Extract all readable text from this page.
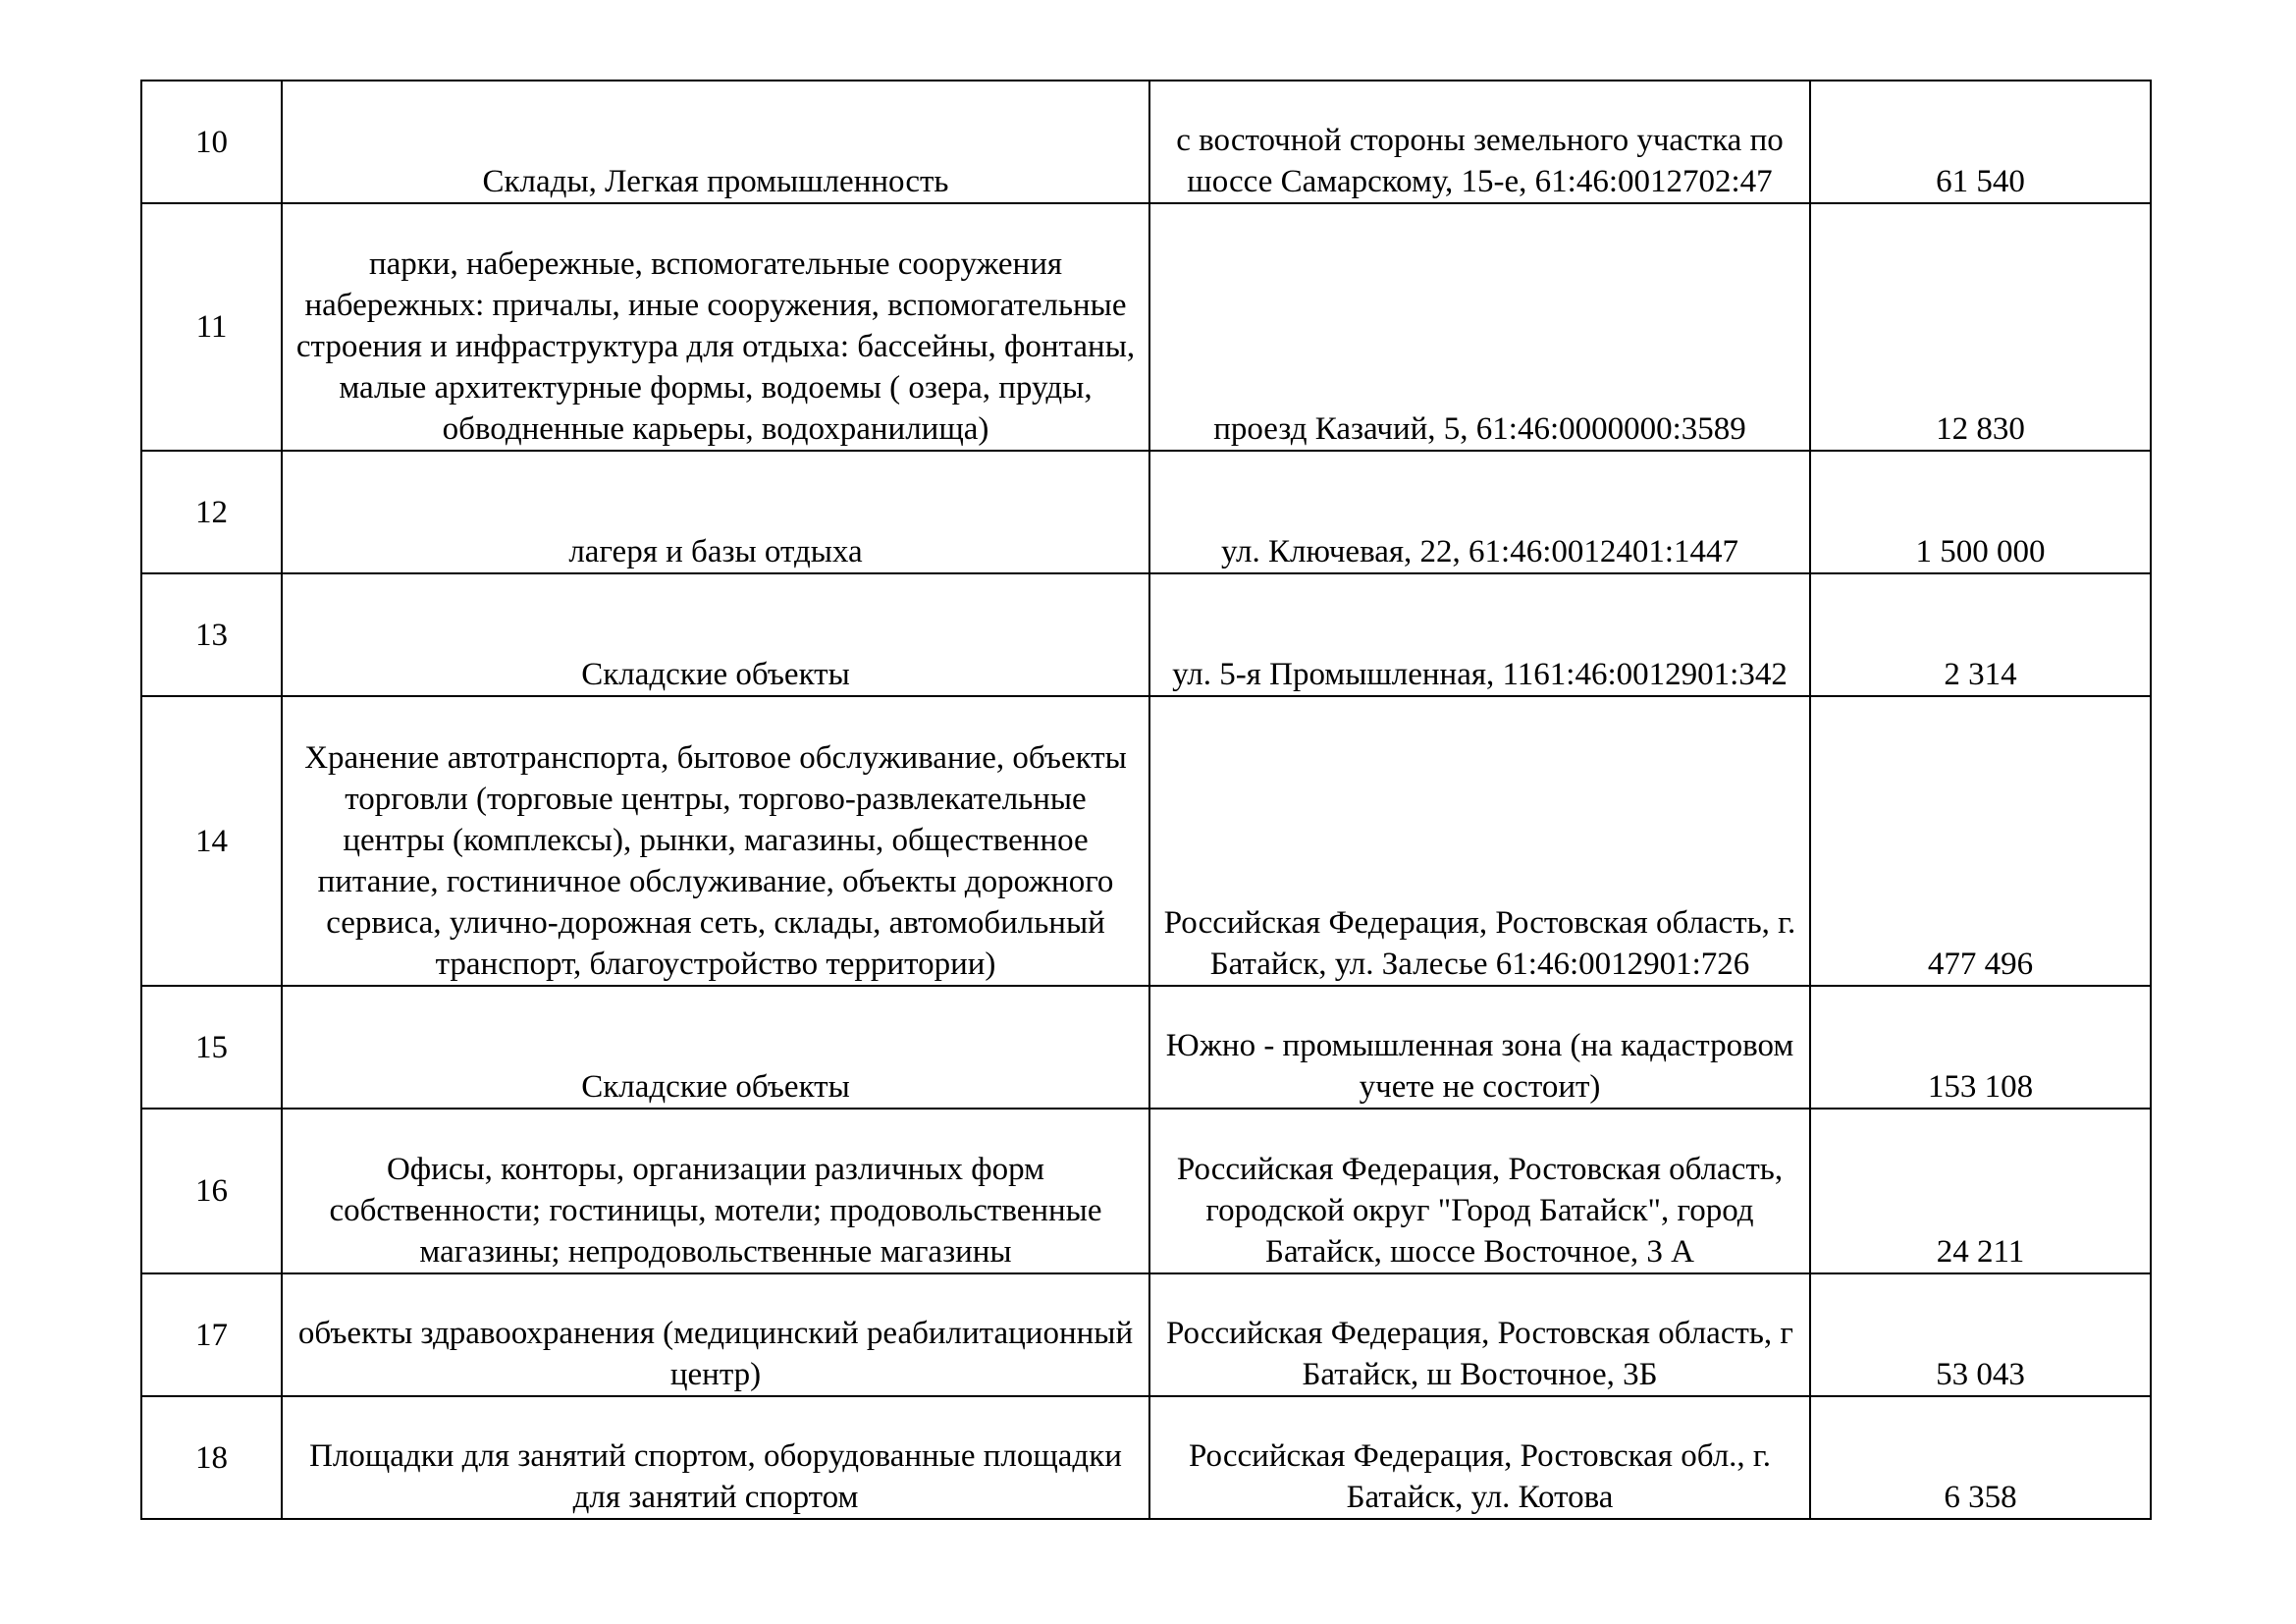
10	Склады, Легкая промышленность	с восточной стороны земельного участка по шоссе Самарскому, 15-е, 61:46:0012702:47	61 540

11	парки, набережные, вспомогательные сооружения набережных: причалы, иные сооружения, вспомогательные строения и инфраструктура для отдыха: бассейны, фонтаны, малые архитектурные формы, водоемы ( озера, пруды, обводненные карьеры, водохранилища)	проезд Казачий, 5, 61:46:0000000:3589	12 830

12	лагеря и базы отдыха	ул. Ключевая, 22, 61:46:0012401:1447	1 500 000

13	Складские объекты	ул. 5-я Промышленная, 1161:46:0012901:342	2 314

14	Хранение автотранспорта, бытовое обслуживание, объекты торговли (торговые центры, торгово-развлекательные центры (комплексы), рынки, магазины, общественное питание, гостиничное обслуживание, объекты дорожного сервиса, улично-дорожная сеть, склады, автомобильный транспорт, благоустройство территории)	Российская Федерация, Ростовская область, г. Батайск, ул. Залесье 61:46:0012901:726	477 496

15	Складские объекты	Южно - промышленная зона (на кадастровом учете не состоит)	153 108

16	Офисы, конторы, организации различных форм собственности; гостиницы, мотели; продовольственные магазины; непродовольственные магазины	Российская Федерация, Ростовская область, городской округ "Город Батайск", город Батайск, шоссе Восточное, 3 А	24 211

17	объекты здравоохранения (медицинский реабилитационный центр)	Российская Федерация, Ростовская область, г Батайск, ш Восточное, 3Б	53 043

18	Площадки для занятий спортом, оборудованные площадки для занятий спортом	Российская Федерация, Ростовская обл., г. Батайск, ул. Котова	6 358
